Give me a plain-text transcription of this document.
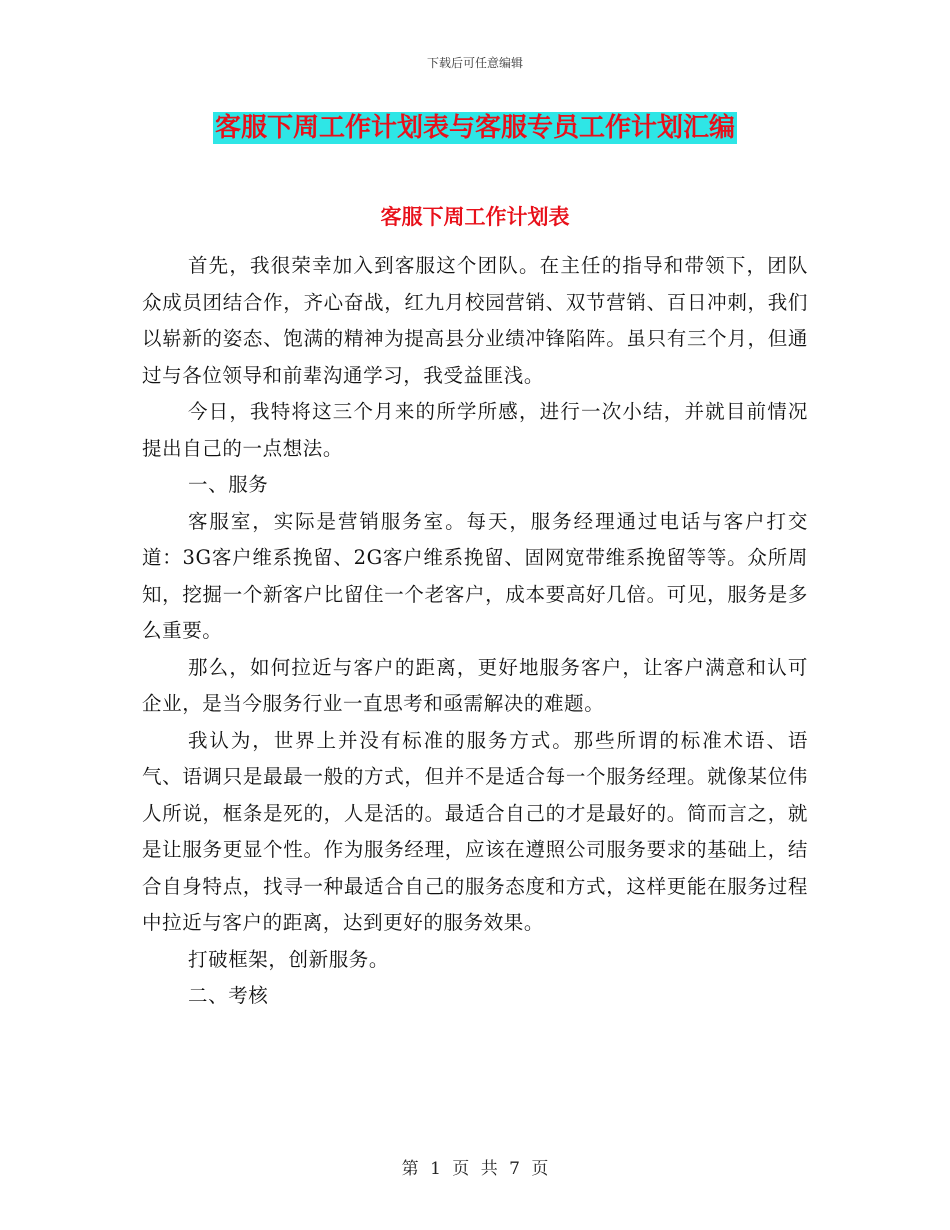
下载后可任意编辑
客服下周工作计划表与客服专员工作计划汇编
客服下周工作计划表

首先，我很荣幸加入到客服这个团队。在主任的指导和带领下，团队众成员团结合作，齐心奋战，红九月校园营销、双节营销、百日冲刺，我们以崭新的姿态、饱满的精神为提高县分业绩冲锋陷阵。虽只有三个月，但通过与各位领导和前辈沟通学习，我受益匪浅。

今日，我特将这三个月来的所学所感，进行一次小结，并就目前情况提出自己的一点想法。

一、服务

客服室，实际是营销服务室。每天，服务经理通过电话与客户打交道：3G客户维系挽留、2G客户维系挽留、固网宽带维系挽留等等。众所周知，挖掘一个新客户比留住一个老客户，成本要高好几倍。可见，服务是多么重要。

那么，如何拉近与客户的距离，更好地服务客户，让客户满意和认可企业，是当今服务行业一直思考和亟需解决的难题。

我认为，世界上并没有标准的服务方式。那些所谓的标准术语、语气、语调只是最最一般的方式，但并不是适合每一个服务经理。就像某位伟人所说，框条是死的，人是活的。最适合自己的才是最好的。简而言之，就是让服务更显个性。作为服务经理，应该在遵照公司服务要求的基础上，结合自身特点，找寻一种最适合自己的服务态度和方式，这样更能在服务过程中拉近与客户的距离，达到更好的服务效果。

打破框架，创新服务。

二、考核

第 1 页 共 7 页
